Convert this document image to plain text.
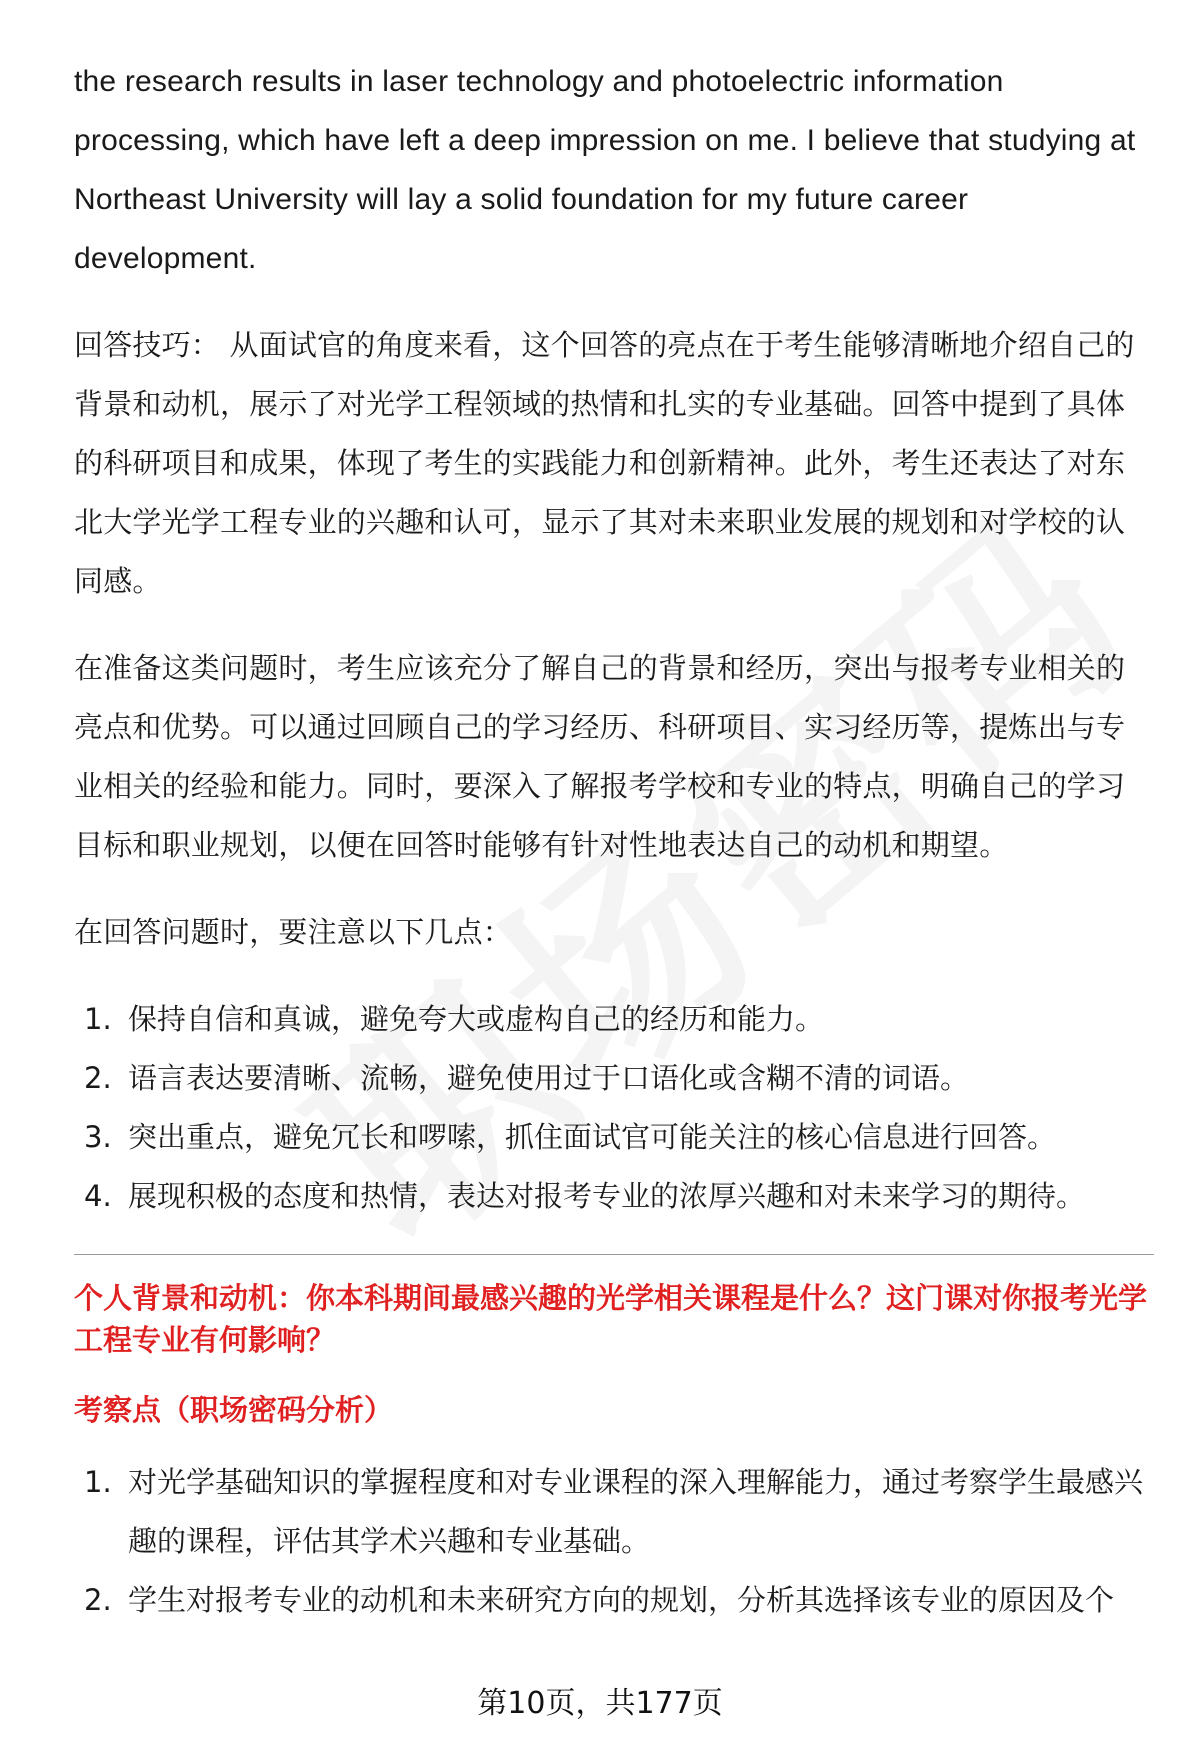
the research results in laser technology and photoelectric information processing, which have left a deep impression on me. I believe that studying at Northeast University will lay a solid foundation for my future career development.

回答技巧： 从面试官的角度来看，这个回答的亮点在于考生能够清晰地介绍自己的背景和动机，展示了对光学工程领域的热情和扎实的专业基础。回答中提到了具体的科研项目和成果，体现了考生的实践能力和创新精神。此外，考生还表达了对东北大学光学工程专业的兴趣和认可，显示了其对未来职业发展的规划和对学校的认同感。

在准备这类问题时，考生应该充分了解自己的背景和经历，突出与报考专业相关的亮点和优势。可以通过回顾自己的学习经历、科研项目、实习经历等，提炼出与专业相关的经验和能力。同时，要深入了解报考学校和专业的特点，明确自己的学习目标和职业规划，以便在回答时能够有针对性地表达自己的动机和期望。

在回答问题时，要注意以下几点：

1. 保持自信和真诚，避免夸大或虚构自己的经历和能力。
2. 语言表达要清晰、流畅，避免使用过于口语化或含糊不清的词语。
3. 突出重点，避免冗长和啰嗦，抓住面试官可能关注的核心信息进行回答。
4. 展现积极的态度和热情，表达对报考专业的浓厚兴趣和对未来学习的期待。

个人背景和动机：你本科期间最感兴趣的光学相关课程是什么？这门课对你报考光学工程专业有何影响？

考察点（职场密码分析）

1. 对光学基础知识的掌握程度和对专业课程的深入理解能力，通过考察学生最感兴趣的课程，评估其学术兴趣和专业基础。
2. 学生对报考专业的动机和未来研究方向的规划，分析其选择该专业的原因及个
第10页，共177页
